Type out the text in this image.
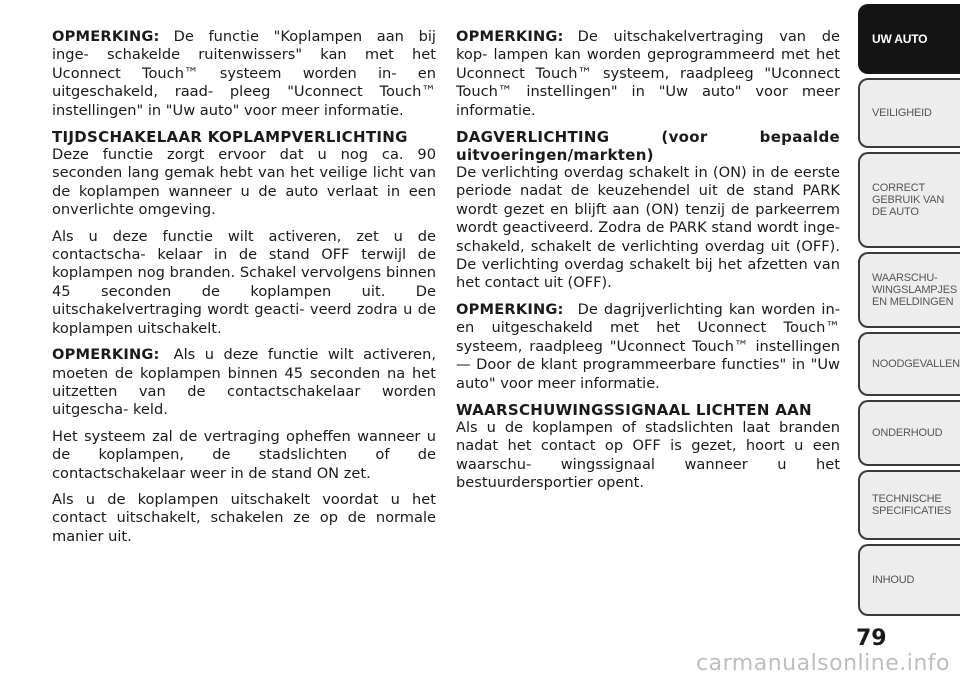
OPMERKING: De functie "Koplampen aan bij inge- schakelde ruitenwissers" kan met het Uconnect Touch™ systeem worden in- en uitgeschakeld, raad- pleeg "Uconnect Touch™ instellingen" in "Uw auto" voor meer informatie.

TIJDSCHAKELAAR KOPLAMPVERLICHTING

Deze functie zorgt ervoor dat u nog ca. 90 seconden lang gemak hebt van het veilige licht van de koplampen wanneer u de auto verlaat in een onverlichte omgeving.

Als u deze functie wilt activeren, zet u de contactscha- kelaar in de stand OFF terwijl de koplampen nog branden. Schakel vervolgens binnen 45 seconden de koplampen uit. De uitschakelvertraging wordt geacti- veerd zodra u de koplampen uitschakelt.

OPMERKING: Als u deze functie wilt activeren, moeten de koplampen binnen 45 seconden na het uitzetten van de contactschakelaar worden uitgescha- keld.

Het systeem zal de vertraging opheffen wanneer u de koplampen, de stadslichten of de contactschakelaar weer in de stand ON zet.

Als u de koplampen uitschakelt voordat u het contact uitschakelt, schakelen ze op de normale manier uit.

OPMERKING: De uitschakelvertraging van de kop- lampen kan worden geprogrammeerd met het Uconnect Touch™ systeem, raadpleeg "Uconnect Touch™ instellingen" in "Uw auto" voor meer informatie.

DAGVERLICHTING (voor bepaalde uitvoeringen/markten)

De verlichting overdag schakelt in (ON) in de eerste periode nadat de keuzehendel uit de stand PARK wordt gezet en blijft aan (ON) tenzij de parkeerrem wordt geactiveerd. Zodra de PARK stand wordt inge- schakeld, schakelt de verlichting overdag uit (OFF). De verlichting overdag schakelt bij het afzetten van het contact uit (OFF).

OPMERKING: De dagrijverlichting kan worden in- en uitgeschakeld met het Uconnect Touch™ systeem, raadpleeg "Uconnect Touch™ instellingen — Door de klant programmeerbare functies" in "Uw auto" voor meer informatie.

WAARSCHUWINGSSIGNAAL LICHTEN AAN

Als u de koplampen of stadslichten laat branden nadat het contact op OFF is gezet, hoort u een waarschu- wingssignaal wanneer u het bestuurdersportier opent.

UW AUTO
VEILIGHEID
CORRECT
GEBRUIK VAN
DE AUTO
WAARSCHU-
WINGSLAMPJES
EN MELDINGEN
NOODGEVALLEN
ONDERHOUD
TECHNISCHE
SPECIFICATIES
INHOUD
79
carmanualsonline.info
